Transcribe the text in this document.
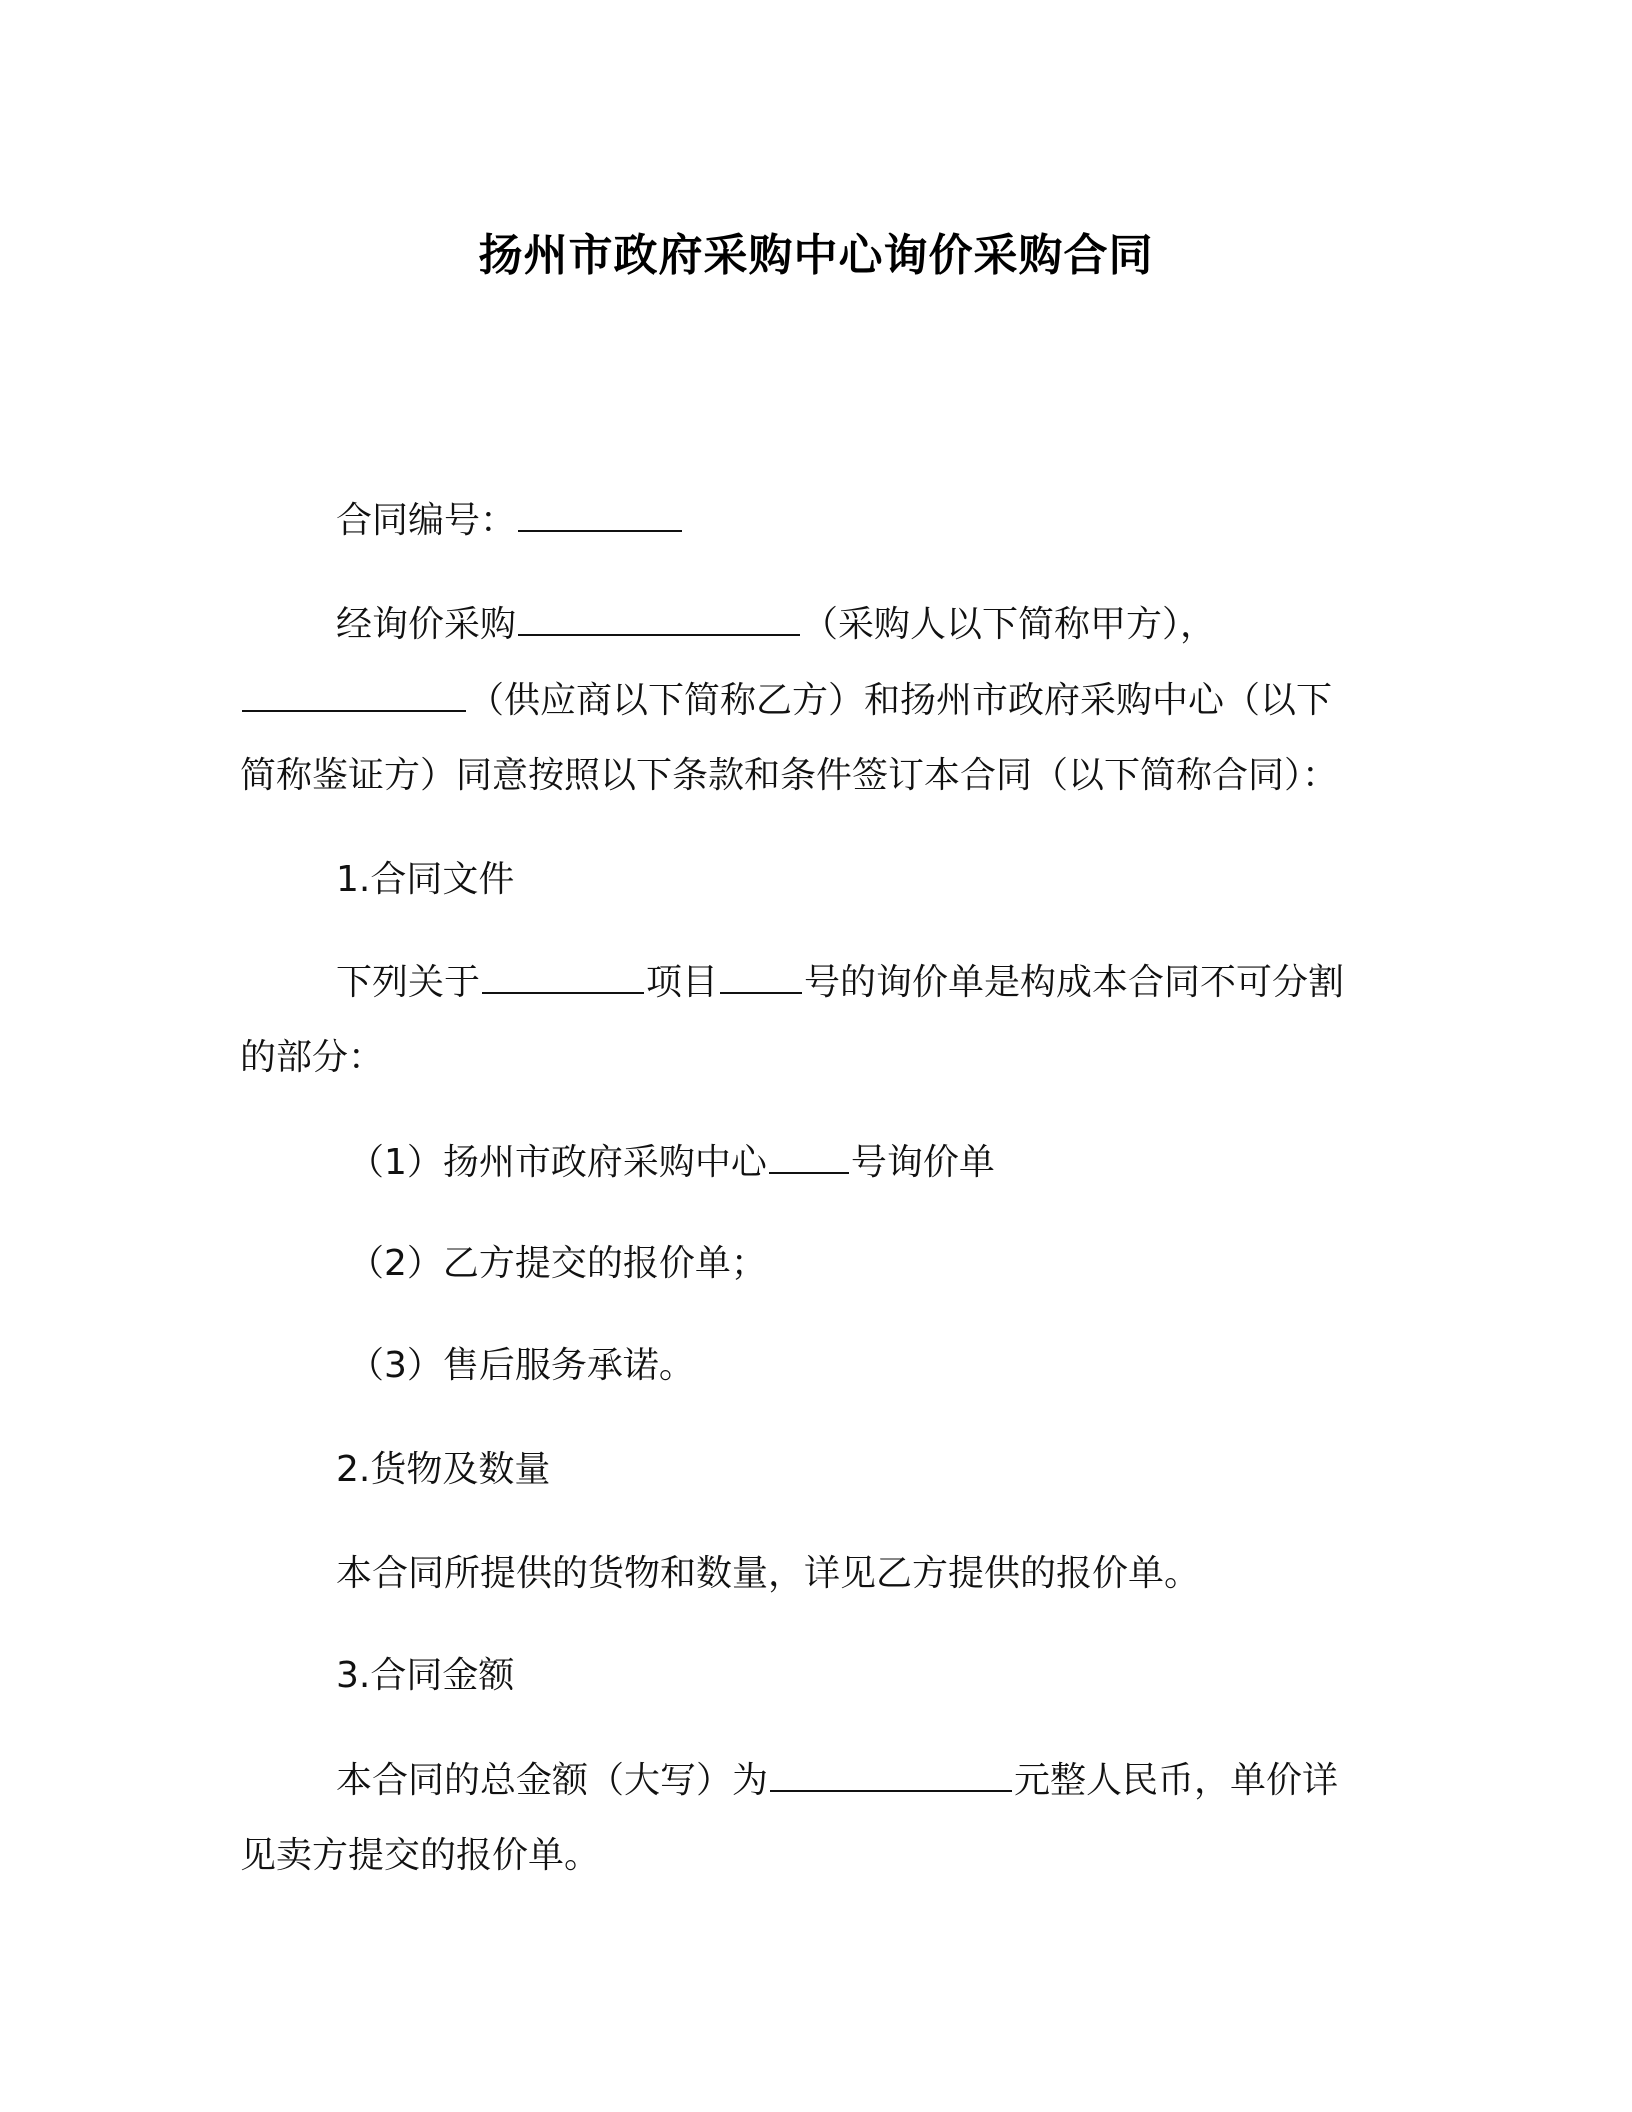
扬州市政府采购中心询价采购合同
合同编号：
经询价采购	（采购人以下简称甲方），
（供应商以下简称乙方）和扬州市政府采购中心（以下
简称鉴证方）同意按照以下条款和条件签订本合同（以下简称合同）：
1.合同文件
下列关于	项目 号的询价单是构成本合同不可分割
的部分：
（1）扬州市政府采购中心 号询价单
（2）乙方提交的报价单；
（3）售后服务承诺。
2.货物及数量
本合同所提供的货物和数量，详见乙方提供的报价单。
3.合同金额
本合同的总金额（大写）为	元整人民币，单价详
见卖方提交的报价单。
